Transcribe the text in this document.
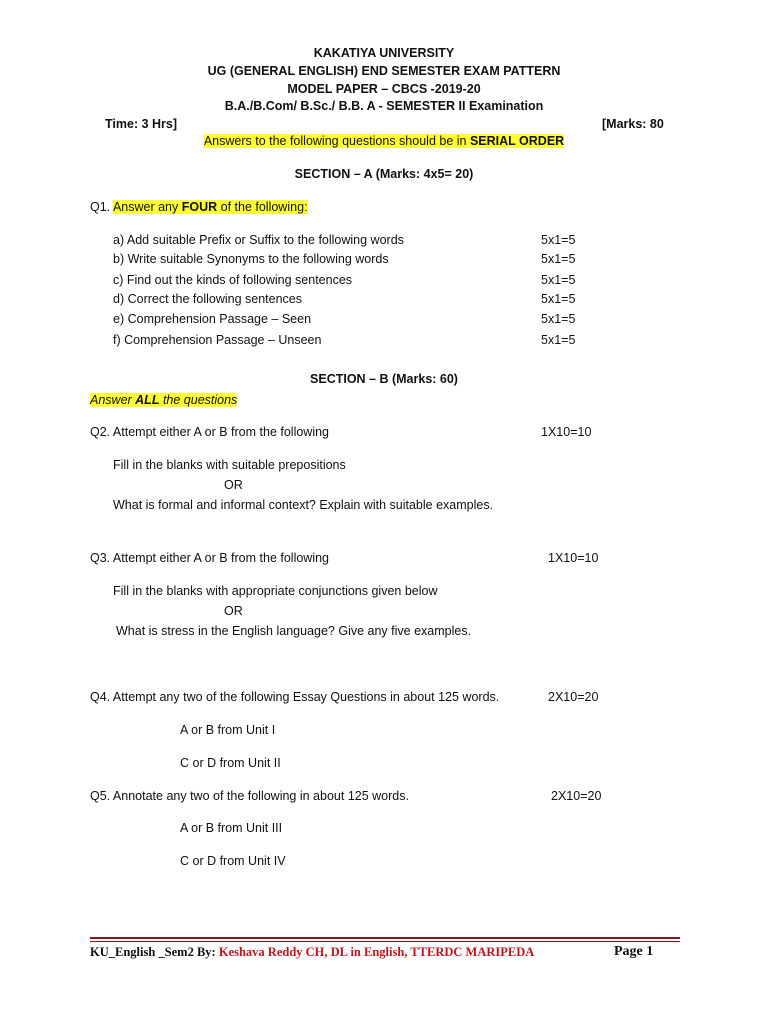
KAKATIYA UNIVERSITY
UG (GENERAL ENGLISH) END SEMESTER EXAM PATTERN
MODEL PAPER – CBCS -2019-20
B.A./B.Com/ B.Sc./ B.B. A - SEMESTER II Examination
Time: 3 Hrs]	[Marks: 80
Answers to the following questions should be in SERIAL ORDER
SECTION – A (Marks: 4x5= 20)
Q1. Answer any FOUR of the following:
a) Add suitable Prefix or Suffix to the following words	5x1=5
b) Write suitable Synonyms to the following words	5x1=5
c) Find out the kinds of following sentences	5x1=5
d) Correct the following sentences	5x1=5
e) Comprehension Passage – Seen	5x1=5
f) Comprehension Passage – Unseen	5x1=5
SECTION – B (Marks: 60)
Answer ALL the questions
Q2. Attempt either A or B from the following	1X10=10
Fill in the blanks with suitable prepositions
OR
What is formal and informal context? Explain with suitable examples.
Q3. Attempt either A or B from the following	1X10=10
Fill in the blanks with appropriate conjunctions given below
OR
What is stress in the English language? Give any five examples.
Q4. Attempt any two of the following Essay Questions in about 125 words.	2X10=20
A or B from Unit I
C or D from Unit II
Q5. Annotate any two of the following in about 125 words.	2X10=20
A or B from Unit III
C or D from Unit IV
KU_English _Sem2 By: Keshava Reddy CH, DL in English, TTERDC MARIPEDA	Page 1
